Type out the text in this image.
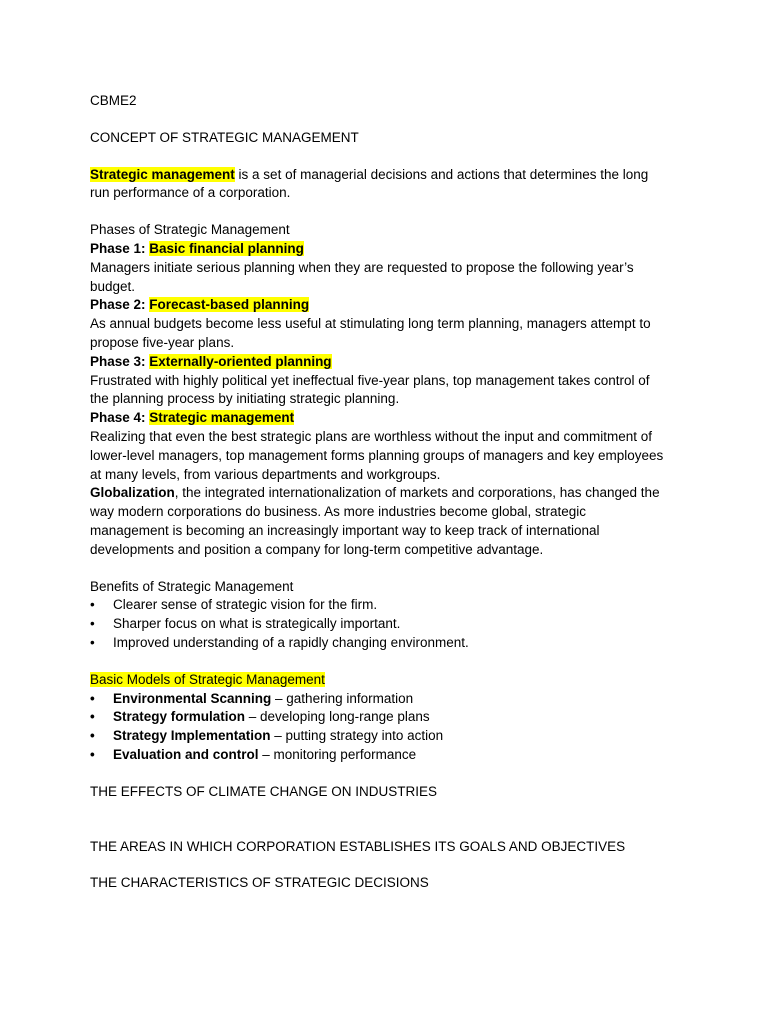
CBME2

CONCEPT OF STRATEGIC MANAGEMENT

Strategic management is a set of managerial decisions and actions that determines the long

run performance of a corporation.

Phases of Strategic Management

Phase 1: Basic financial planning

Managers initiate serious planning when they are requested to propose the following year’s

budget.

Phase 2: Forecast-based planning

As annual budgets become less useful at stimulating long term planning, managers attempt to

propose five-year plans.

Phase 3: Externally-oriented planning

Frustrated with highly political yet ineffectual five-year plans, top management takes control of

the planning process by initiating strategic planning.

Phase 4: Strategic management

Realizing that even the best strategic plans are worthless without the input and commitment of

lower-level managers, top management forms planning groups of managers and key employees

at many levels, from various departments and workgroups.

Globalization, the integrated internationalization of markets and corporations, has changed the

way modern corporations do business. As more industries become global, strategic

management is becoming an increasingly important way to keep track of international

developments and position a company for long-term competitive advantage.

Benefits of Strategic Management

•	Clearer sense of strategic vision for the firm.
•	Sharper focus on what is strategically important.
•	Improved understanding of a rapidly changing environment.

Basic Models of Strategic Management

•	Environmental Scanning – gathering information
•	Strategy formulation – developing long-range plans
•	Strategy Implementation – putting strategy into action
•	Evaluation and control – monitoring performance

THE EFFECTS OF CLIMATE CHANGE ON INDUSTRIES

THE AREAS IN WHICH CORPORATION ESTABLISHES ITS GOALS AND OBJECTIVES

THE CHARACTERISTICS OF STRATEGIC DECISIONS
